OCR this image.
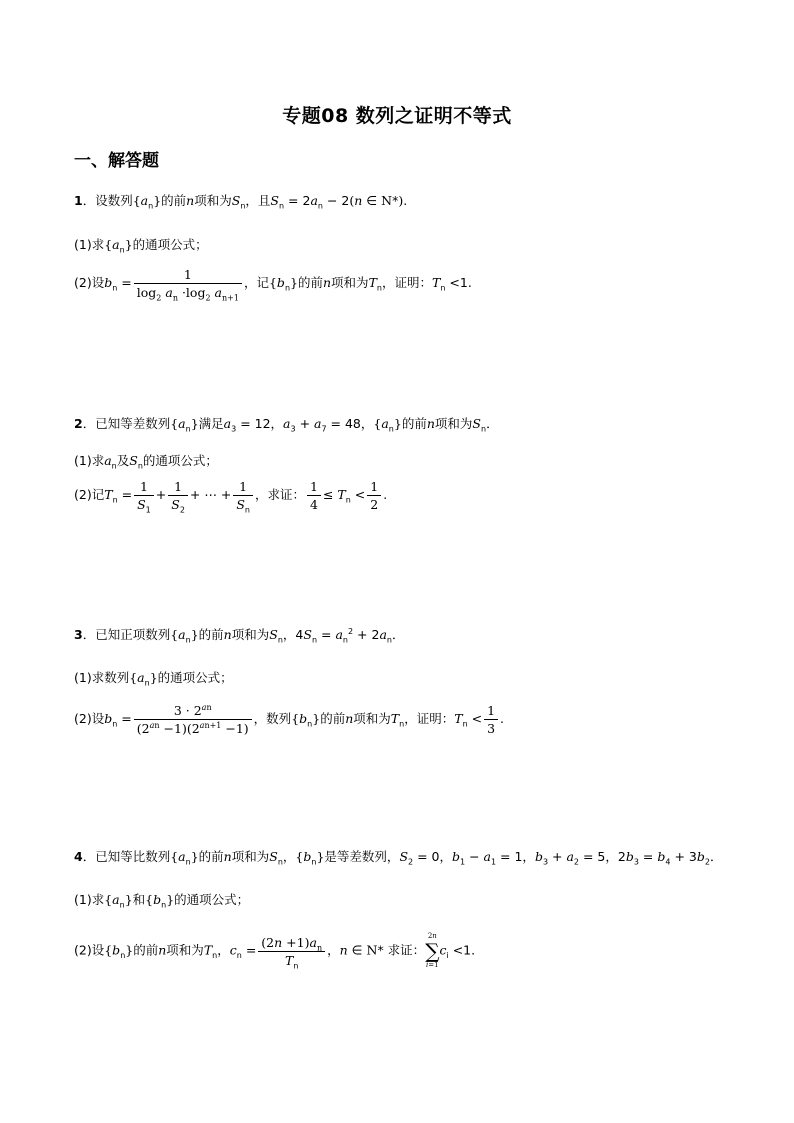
专题08 数列之证明不等式
一、解答题
1．设数列$\{a_n\}$的前n项和为$S_n$，且$S_n = 2a_n - 2(n$ ∈ N*).
(1)求$\{a_n\}$的通项公式；
(2)设$b_n = \frac{1}{\log_2 a_n \cdot\log_2 a_{n+1}}$ ，记$\{b_n\}$的前n项和为$T_n$，证明：$T_n <1$.
2．已知等差数列$\{a_n\}$满足$a_3 = 12$，$a_3 + a_7 = 48$，$\{a_n\}$的前n项和为$S_n$．
(1)求$a_n$及$S_n$的通项公式；
(2)记$T_n = \frac{1}{S_1} + \frac{1}{S_2}$ + ⋯ + $\frac{1}{S_n}$ ，求证： $\frac{1}{4} \le T_n < \frac{1}{2}$ .
3．已知正项数列$\{a_n\}$的前n项和为$S_n$，$4S_n = a_n^2 + 2a_n$．
(1)求数列$\{a_n\}$的通项公式；
(2)设$b_n = \frac{3 \cdot 2^{an}}{(2^{an} -1)(2^{an+1} -1)}$ ，数列$\{b_n\}$的前n项和为$T_n$，证明：$T_n < \frac{1}{3}$ .
4．已知等比数列$\{a_n\}$的前n项和为$S_n$，$\{b_n\}$是等差数列，$S_2 = 0$，$b_1 - a_1 = 1$，$b_3 + a_2 = 5$，$2b_3 = b_4 + 3b_2$．
(1)求$\{a_n\}$和$\{b_n\}$的通项公式；
(2)设$\{b_n\}$的前n项和为$T_n$，$c_n = \frac{(2n +1)a_n}{T_n}$ ，n ∈ N* 求证：
2n
∑
i=1
$c_i <1$.
